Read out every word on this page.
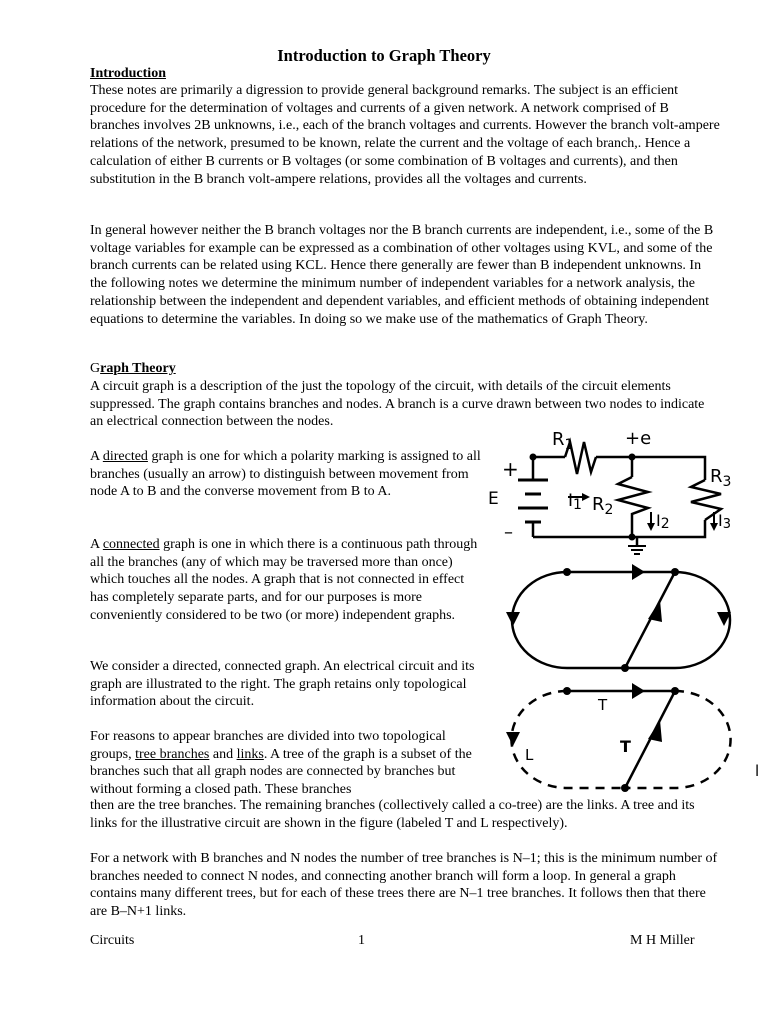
Introduction to Graph Theory
Introduction

These notes are primarily a digression to provide general background remarks. The subject is an efficient procedure for the determination of voltages and currents of a given network. A network comprised of B branches involves 2B unknowns, i.e., each of the branch voltages and currents. However the branch volt-ampere relations of the network, presumed to be known, relate the current and the voltage of each branch,. Hence a calculation of either B currents or B voltages (or some combination of B voltages and currents), and then substitution in the B branch volt-ampere relations, provides all the voltages and currents.

In general however neither the B branch voltages nor the B branch currents are independent, i.e., some of the B voltage variables for example can be expressed as a combination of other voltages using KVL, and some of the branch currents can be related using KCL. Hence there generally are fewer than B independent unknowns. In the following notes we determine the minimum number of independent variables for a network analysis, the relationship between the independent and dependent variables, and efficient methods of obtaining independent equations to determine the variables. In doing so we make use of the mathematics of Graph Theory.

Graph Theory

A circuit graph is a description of the just the topology of the circuit, with details of the circuit elements suppressed. The graph contains branches and nodes. A branch is a curve drawn between two nodes to indicate an electrical connection between the nodes.

A directed graph is one for which a polarity marking is assigned to all branches (usually an arrow) to distinguish between movement from node A to B and the converse movement from B to A.

A connected graph is one in which there is a continuous path through all the branches (any of which may be traversed more than once) which touches all the nodes. A graph that is not connected in effect has completely separate parts, and for our purposes is more conveniently considered to be two (or more) independent graphs.

We consider a directed, connected graph. An electrical circuit and its graph are illustrated to the right. The graph retains only topological information about the circuit.

For reasons to appear branches are divided into two topological groups, tree branches and links. A tree of the graph is a subset of the branches such that all graph nodes are connected by branches but without forming a closed path. These branches

then are the tree branches. The remaining branches (collectively called a co-tree) are the links. A tree and its links for the illustrative circuit are shown in the figure (labeled T and L respectively).

For a network with B branches and N nodes the number of tree branches is N–1; this is the minimum number of branches needed to connect N nodes, and connecting another branch will form a loop. In general a graph contains many different trees, but for each of these trees there are N–1 tree branches. It follows then that there are B–N+1 links.

$R_1$	+e
+
–
E	I1 $R_2$
I2
$R_3$
I3
T
T
L
l
Circuits	1	M H Miller
